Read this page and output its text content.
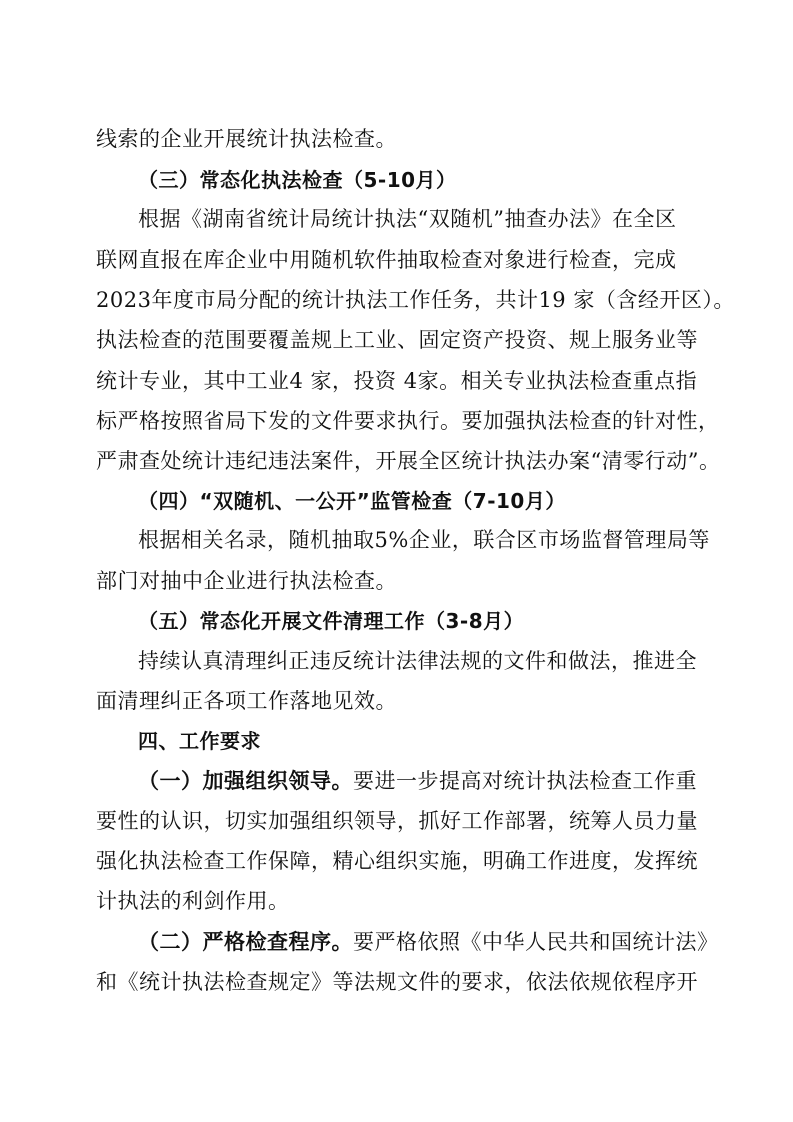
线索的企业开展统计执法检查。
（三）常态化执法检查（5-10月）
根据《湖南省统计局统计执法“双随机”抽查办法》在全区
联网直报在库企业中用随机软件抽取检查对象进行检查，完成
2023年度市局分配的统计执法工作任务，共计19 家（含经开区）。
执法检查的范围要覆盖规上工业、固定资产投资、规上服务业等
统计专业，其中工业4 家，投资 4家。相关专业执法检查重点指
标严格按照省局下发的文件要求执行。要加强执法检查的针对性，
严肃查处统计违纪违法案件，开展全区统计执法办案“清零行动”。
（四）“双随机、一公开”监管检查（7-10月）
根据相关名录，随机抽取5%企业，联合区市场监督管理局等
部门对抽中企业进行执法检查。
（五）常态化开展文件清理工作（3-8月）
持续认真清理纠正违反统计法律法规的文件和做法，推进全
面清理纠正各项工作落地见效。
四、工作要求
（一）加强组织领导。要进一步提高对统计执法检查工作重
要性的认识，切实加强组织领导，抓好工作部署，统筹人员力量
强化执法检查工作保障，精心组织实施，明确工作进度，发挥统
计执法的利剑作用。
（二）严格检查程序。要严格依照《中华人民共和国统计法》
和《统计执法检查规定》等法规文件的要求，依法依规依程序开
